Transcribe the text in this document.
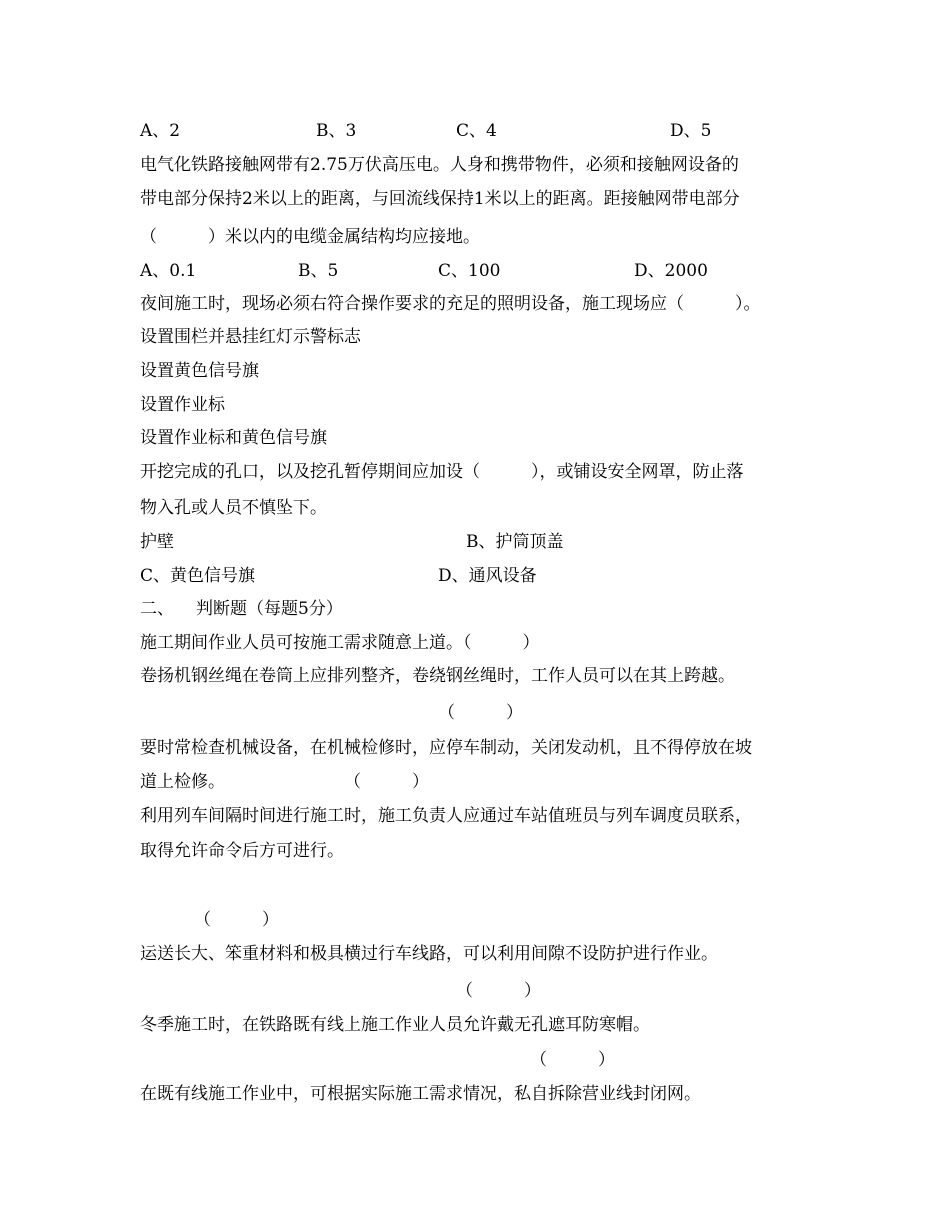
A、2	B、3	C、4	D、5

电气化铁路接触网带有2.75万伏高压电。人身和携带物件，必须和接触网设备的

带电部分保持2米以上的距离，与回流线保持1米以上的距离。距接触网带电部分

（　　　）米以内的电缆金属结构均应接地。

A、0.1	B、5	C、100	D、2000

夜间施工时，现场必须右符合操作要求的充足的照明设备，施工现场应（　　　）。

设置围栏并悬挂红灯示警标志

设置黄色信号旗

设置作业标

设置作业标和黄色信号旗

开挖完成的孔口，以及挖孔暂停期间应加设（　　　），或铺设安全网罩，防止落

物入孔或人员不慎坠下。

护壁	B、护筒顶盖
C、黄色信号旗	D、通风设备
二、 判断题（每题5分）

施工期间作业人员可按施工需求随意上道。（　　　）

卷扬机钢丝绳在卷筒上应排列整齐，卷绕钢丝绳时，工作人员可以在其上跨越。

（　　　）

要时常检查机械设备，在机械检修时，应停车制动，关闭发动机，且不得停放在坡

道上检修。	（　　　）

利用列车间隔时间进行施工时，施工负责人应通过车站值班员与列车调度员联系，

取得允许命令后方可进行。

（　　　）

运送长大、笨重材料和极具横过行车线路，可以利用间隙不设防护进行作业。

（　　　）

冬季施工时，在铁路既有线上施工作业人员允许戴无孔遮耳防寒帽。

（　　　）

在既有线施工作业中，可根据实际施工需求情况，私自拆除营业线封闭网。
